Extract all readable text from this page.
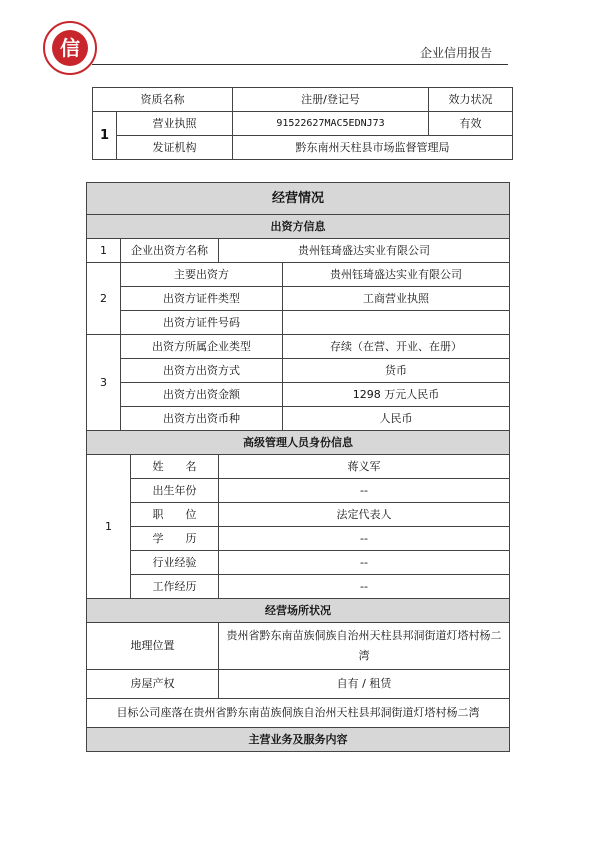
信	企业信用报告
资质名称		注册/登记号	效力状况
1	营业执照	91522627MAC5EDNJ73	有效
	发证机构	黔东南州天柱县市场监督管理局	
经营情况				
出资方信息				
1	企业出资方名称		贵州钰琦盛达实业有限公司	
2	主要出资方			贵州钰琦盛达实业有限公司
	出资方证件类型			工商营业执照
	出资方证件号码			
3	出资方所属企业类型			存续（在营、开业、在册）
	出资方出资方式			货币
	出资方出资金额			1298 万元人民币
	出资方出资币种			人民币
高级管理人员身份信息				
1		姓　　名	蒋义军	
		出生年份	--	
		职　　位	法定代表人	
		学　　历	--	
		行业经验	--	
		工作经历	--	
经营场所状况				
地理位置			贵州省黔东南苗族侗族自治州天柱县邦洞街道灯塔村杨二湾	
房屋产权			自有 / 租赁	
目标公司座落在贵州省黔东南苗族侗族自治州天柱县邦洞街道灯塔村杨二湾				
主营业务及服务内容				
